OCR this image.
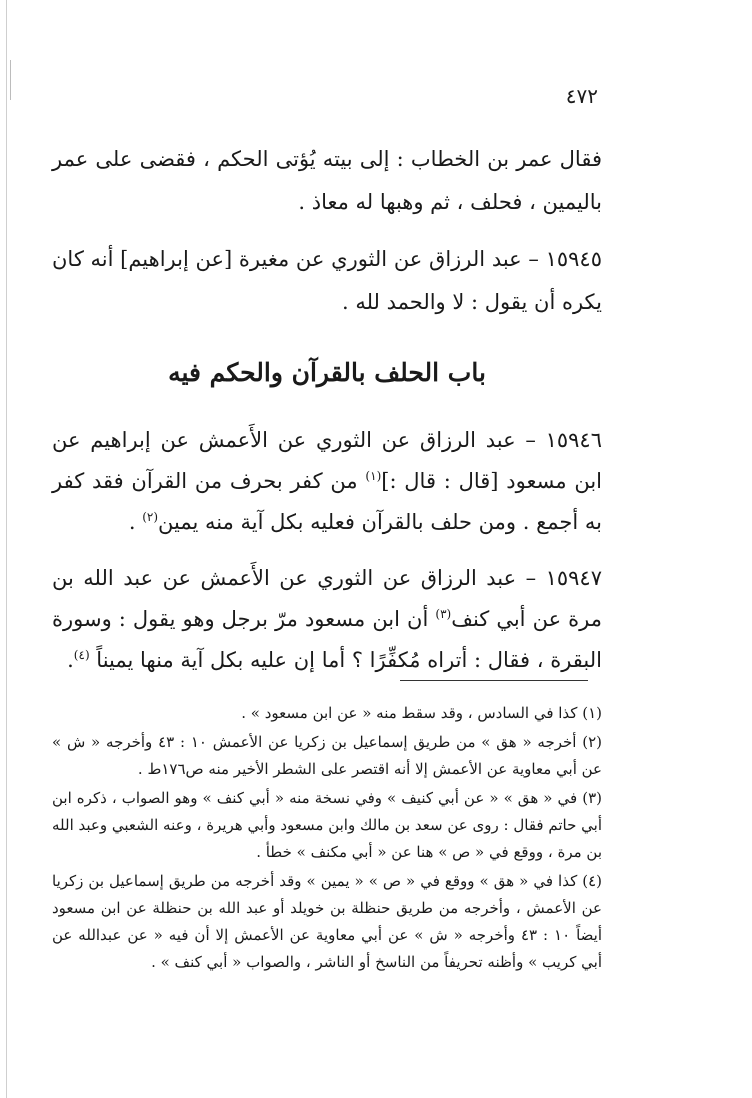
٤٧٢

فقال عمر بن الخطاب : إلى بيته يُؤتى الحكم ، فقضى على عمر باليمين ، فحلف ، ثم وهبها له معاذ .

١٥٩٤٥ – عبد الرزاق عن الثوري عن مغيرة [عن إبراهيم] أنه كان يكره أن يقول : لا والحمد لله .

باب الحلف بالقرآن والحكم فيه

١٥٩٤٦ – عبد الرزاق عن الثوري عن الأَعمش عن إبراهيم عن ابن مسعود [قال : قال :]$^{(١)}$ من كفر بحرف من القرآن فقد كفر به أجمع . ومن حلف بالقرآن فعليه بكل آية منه يمين$^{(٢)}$ .

١٥٩٤٧ – عبد الرزاق عن الثوري عن الأَعمش عن عبد الله بن مرة عن أبي كنف$^{(٣)}$ أن ابن مسعود مرّ برجل وهو يقول : وسورة البقرة ، فقال : أتراه مُكفِّرًا ؟ أما إن عليه بكل آية منها يميناً $^{(٤)}$.

(١) كذا في السادس ، وقد سقط منه « عن ابن مسعود » .

(٢) أخرجه « هق » من طريق إسماعيل بن زكريا عن الأعمش ١٠ : ٤٣ وأخرجه « ش » عن أبي معاوية عن الأعمش إلا أنه اقتصر على الشطر الأخير منه ص١٧٦ط .

(٣) في « هق » « عن أبي كنيف » وفي نسخة منه « أبي كنف » وهو الصواب ، ذكره ابن أبي حاتم فقال : روى عن سعد بن مالك وابن مسعود وأبي هريرة ، وعنه الشعبي وعبد الله بن مرة ، ووقع في « ص » هنا عن « أبي مكنف » خطأ .

(٤) كذا في « هق » ووقع في « ص » « يمين » وقد أخرجه من طريق إسماعيل بن زكريا عن الأعمش ، وأخرجه من طريق حنظلة بن خويلد أو عبد الله بن حنظلة عن ابن مسعود أيضاً ١٠ : ٤٣ وأخرجه « ش » عن أبي معاوية عن الأعمش إلا أن فيه « عن عبدالله عن أبي كريب » وأظنه تحريفاً من الناسخ أو الناشر ، والصواب « أبي كنف » .
